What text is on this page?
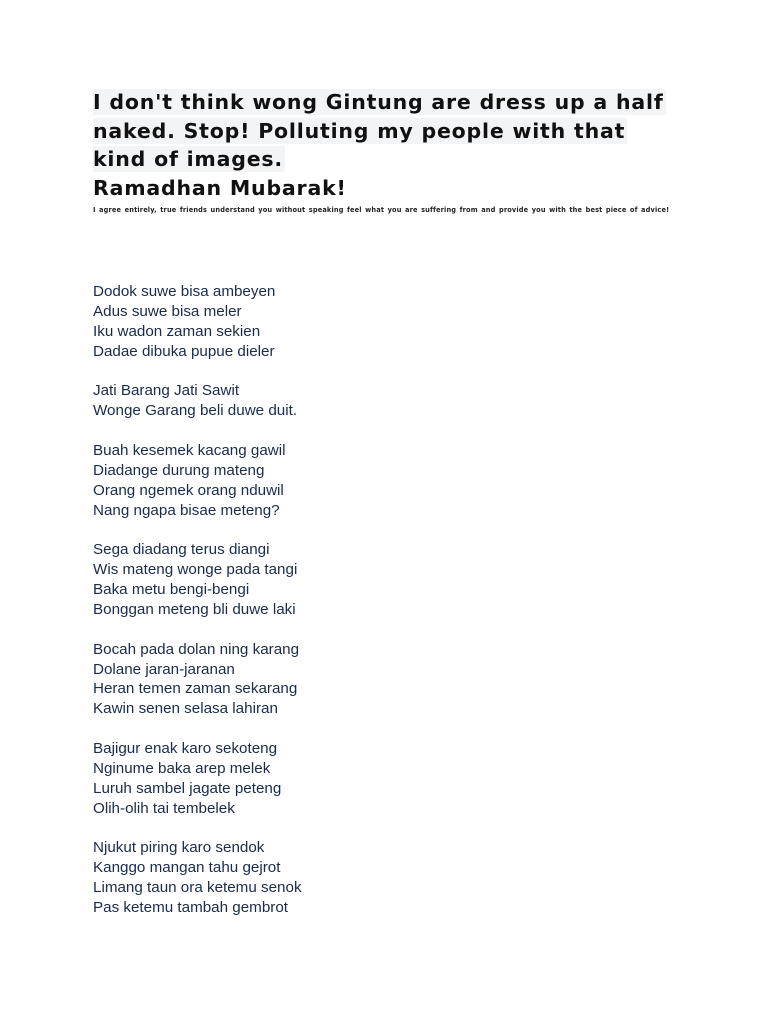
I don't think wong Gintung are dress up a half
naked. Stop! Polluting my people with that
kind of images.
Ramadhan Mubarak!
I agree entirely, true friends understand you without speaking feel what you are suffering from and provide you with the best piece of advice!
Dodok suwe bisa ambeyen
Adus suwe bisa meler
Iku wadon zaman sekien
Dadae dibuka pupue dieler
Jati Barang Jati Sawit
Wonge Garang beli duwe duit.
Buah kesemek kacang gawil
Diadange durung mateng
Orang ngemek orang nduwil
Nang ngapa bisae meteng?
Sega diadang terus diangi
Wis mateng wonge pada tangi
Baka metu bengi-bengi
Bonggan meteng bli duwe laki
Bocah pada dolan ning karang
Dolane jaran-jaranan
Heran temen zaman sekarang
Kawin senen selasa lahiran
Bajigur enak karo sekoteng
Nginume baka arep melek
Luruh sambel jagate peteng
Olih-olih tai tembelek
Njukut piring karo sendok
Kanggo mangan tahu gejrot
Limang taun ora ketemu senok
Pas ketemu tambah gembrot
